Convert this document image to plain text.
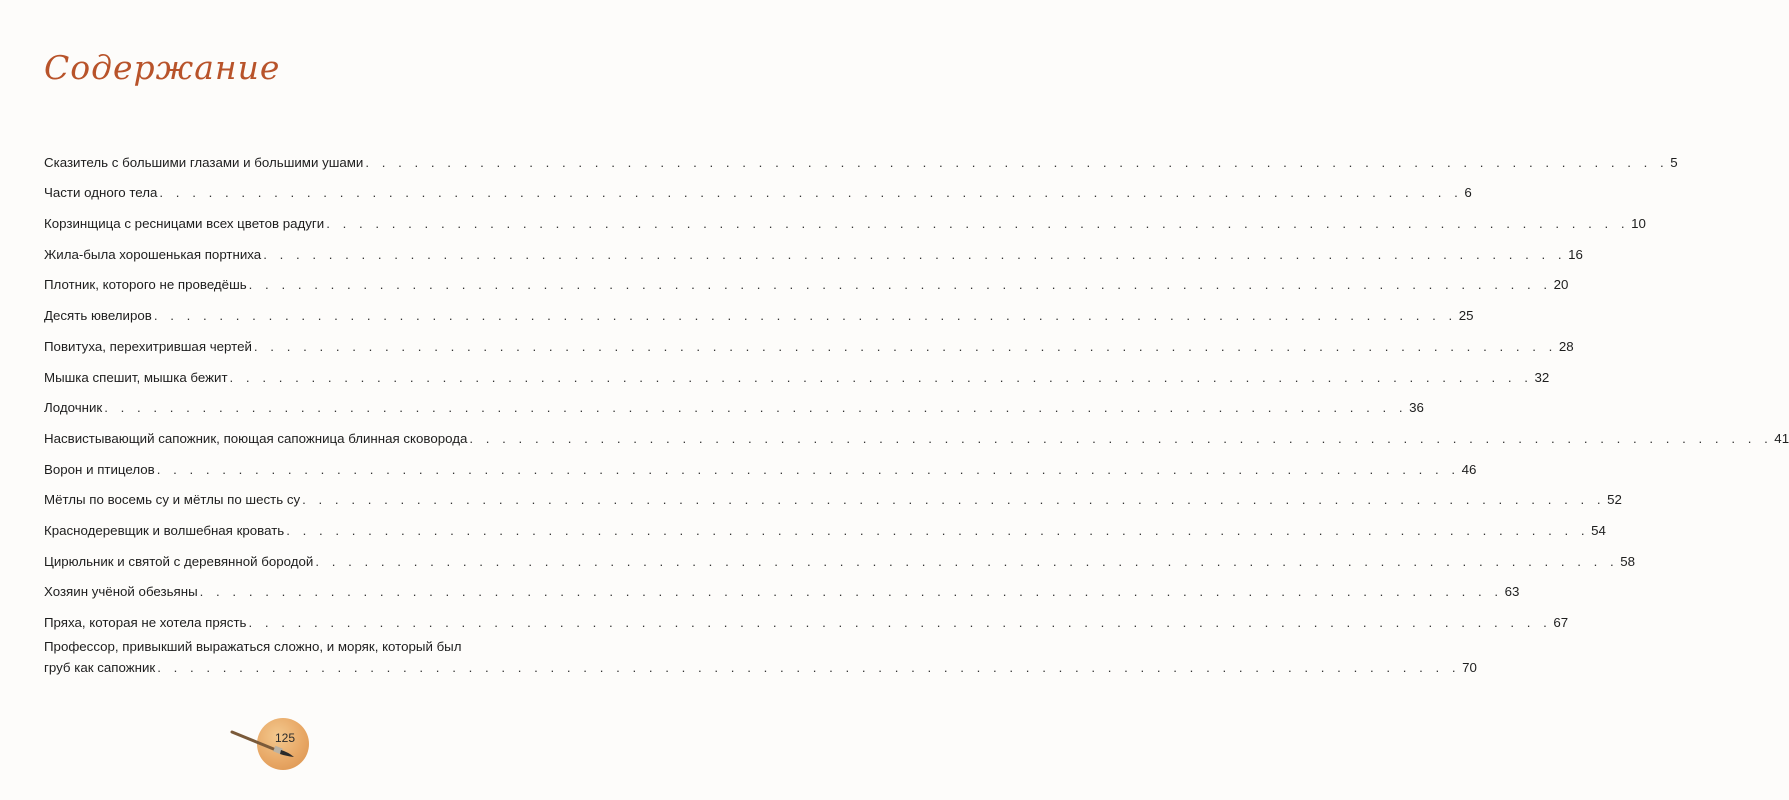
Содержание
Сказитель с большими глазами и большими ушами . . . . . . . . . . . . . . . . . . . . . . . . . . . . . . . . . . . . . . . . . . . . . . . . . . . . . . . . . . . . . . . . . . . . . . . . . . . . . . . . 5
Части одного тела . . . . . . . . . . . . . . . . . . . . . . . . . . . . . . . . . . . . . . . . . . . . . . . . . . . . . . . . . . . . . . . . . . . . . . . . . . . . . . . . 6
Корзинщица с ресницами всех цветов радуги . . . . . . . . . . . . . . . . . . . . . . . . . . . . . . . . . . . . . . . . . . . . . . . . . . . . . . . . . . . . . . . . . . . . . . . . . . . . . . . . 10
Жила-была хорошенькая портниха . . . . . . . . . . . . . . . . . . . . . . . . . . . . . . . . . . . . . . . . . . . . . . . . . . . . . . . . . . . . . . . . . . . . . . . . . . . . . . . . 16
Плотник, которого не проведёшь . . . . . . . . . . . . . . . . . . . . . . . . . . . . . . . . . . . . . . . . . . . . . . . . . . . . . . . . . . . . . . . . . . . . . . . . . . . . . . . . 20
Десять ювелиров . . . . . . . . . . . . . . . . . . . . . . . . . . . . . . . . . . . . . . . . . . . . . . . . . . . . . . . . . . . . . . . . . . . . . . . . . . . . . . . . 25
Повитуха, перехитрившая чертей . . . . . . . . . . . . . . . . . . . . . . . . . . . . . . . . . . . . . . . . . . . . . . . . . . . . . . . . . . . . . . . . . . . . . . . . . . . . . . . . 28
Мышка спешит, мышка бежит . . . . . . . . . . . . . . . . . . . . . . . . . . . . . . . . . . . . . . . . . . . . . . . . . . . . . . . . . . . . . . . . . . . . . . . . . . . . . . . . 32
Лодочник . . . . . . . . . . . . . . . . . . . . . . . . . . . . . . . . . . . . . . . . . . . . . . . . . . . . . . . . . . . . . . . . . . . . . . . . . . . . . . . . 36
Насвистывающий сапожник, поющая сапожница блинная сковорода . . . . . . . . . . . . . . . . . . . . . . . . . . . . . . . . . . . . . . . . . . . . . . . . . . . . . . . . . . . . . . . . . . . . . . . . . . . . . . . . 41
Ворон и птицелов . . . . . . . . . . . . . . . . . . . . . . . . . . . . . . . . . . . . . . . . . . . . . . . . . . . . . . . . . . . . . . . . . . . . . . . . . . . . . . . . 46
Мётлы по восемь су и мётлы по шесть су . . . . . . . . . . . . . . . . . . . . . . . . . . . . . . . . . . . . . . . . . . . . . . . . . . . . . . . . . . . . . . . . . . . . . . . . . . . . . . . . 52
Краснодеревщик и волшебная кровать . . . . . . . . . . . . . . . . . . . . . . . . . . . . . . . . . . . . . . . . . . . . . . . . . . . . . . . . . . . . . . . . . . . . . . . . . . . . . . . . 54
Цирюльник и святой с деревянной бородой . . . . . . . . . . . . . . . . . . . . . . . . . . . . . . . . . . . . . . . . . . . . . . . . . . . . . . . . . . . . . . . . . . . . . . . . . . . . . . . . 58
Хозяин учёной обезьяны . . . . . . . . . . . . . . . . . . . . . . . . . . . . . . . . . . . . . . . . . . . . . . . . . . . . . . . . . . . . . . . . . . . . . . . . . . . . . . . . 63
Пряха, которая не хотела прясть . . . . . . . . . . . . . . . . . . . . . . . . . . . . . . . . . . . . . . . . . . . . . . . . . . . . . . . . . . . . . . . . . . . . . . . . . . . . . . . . 67
Профессор, привыкший выражаться сложно, и моряк, который был
груб как сапожник . . . . . . . . . . . . . . . . . . . . . . . . . . . . . . . . . . . . . . . . . . . . . . . . . . . . . . . . . . . . . . . . . . . . . . . . . . . . . . . . 70
125
